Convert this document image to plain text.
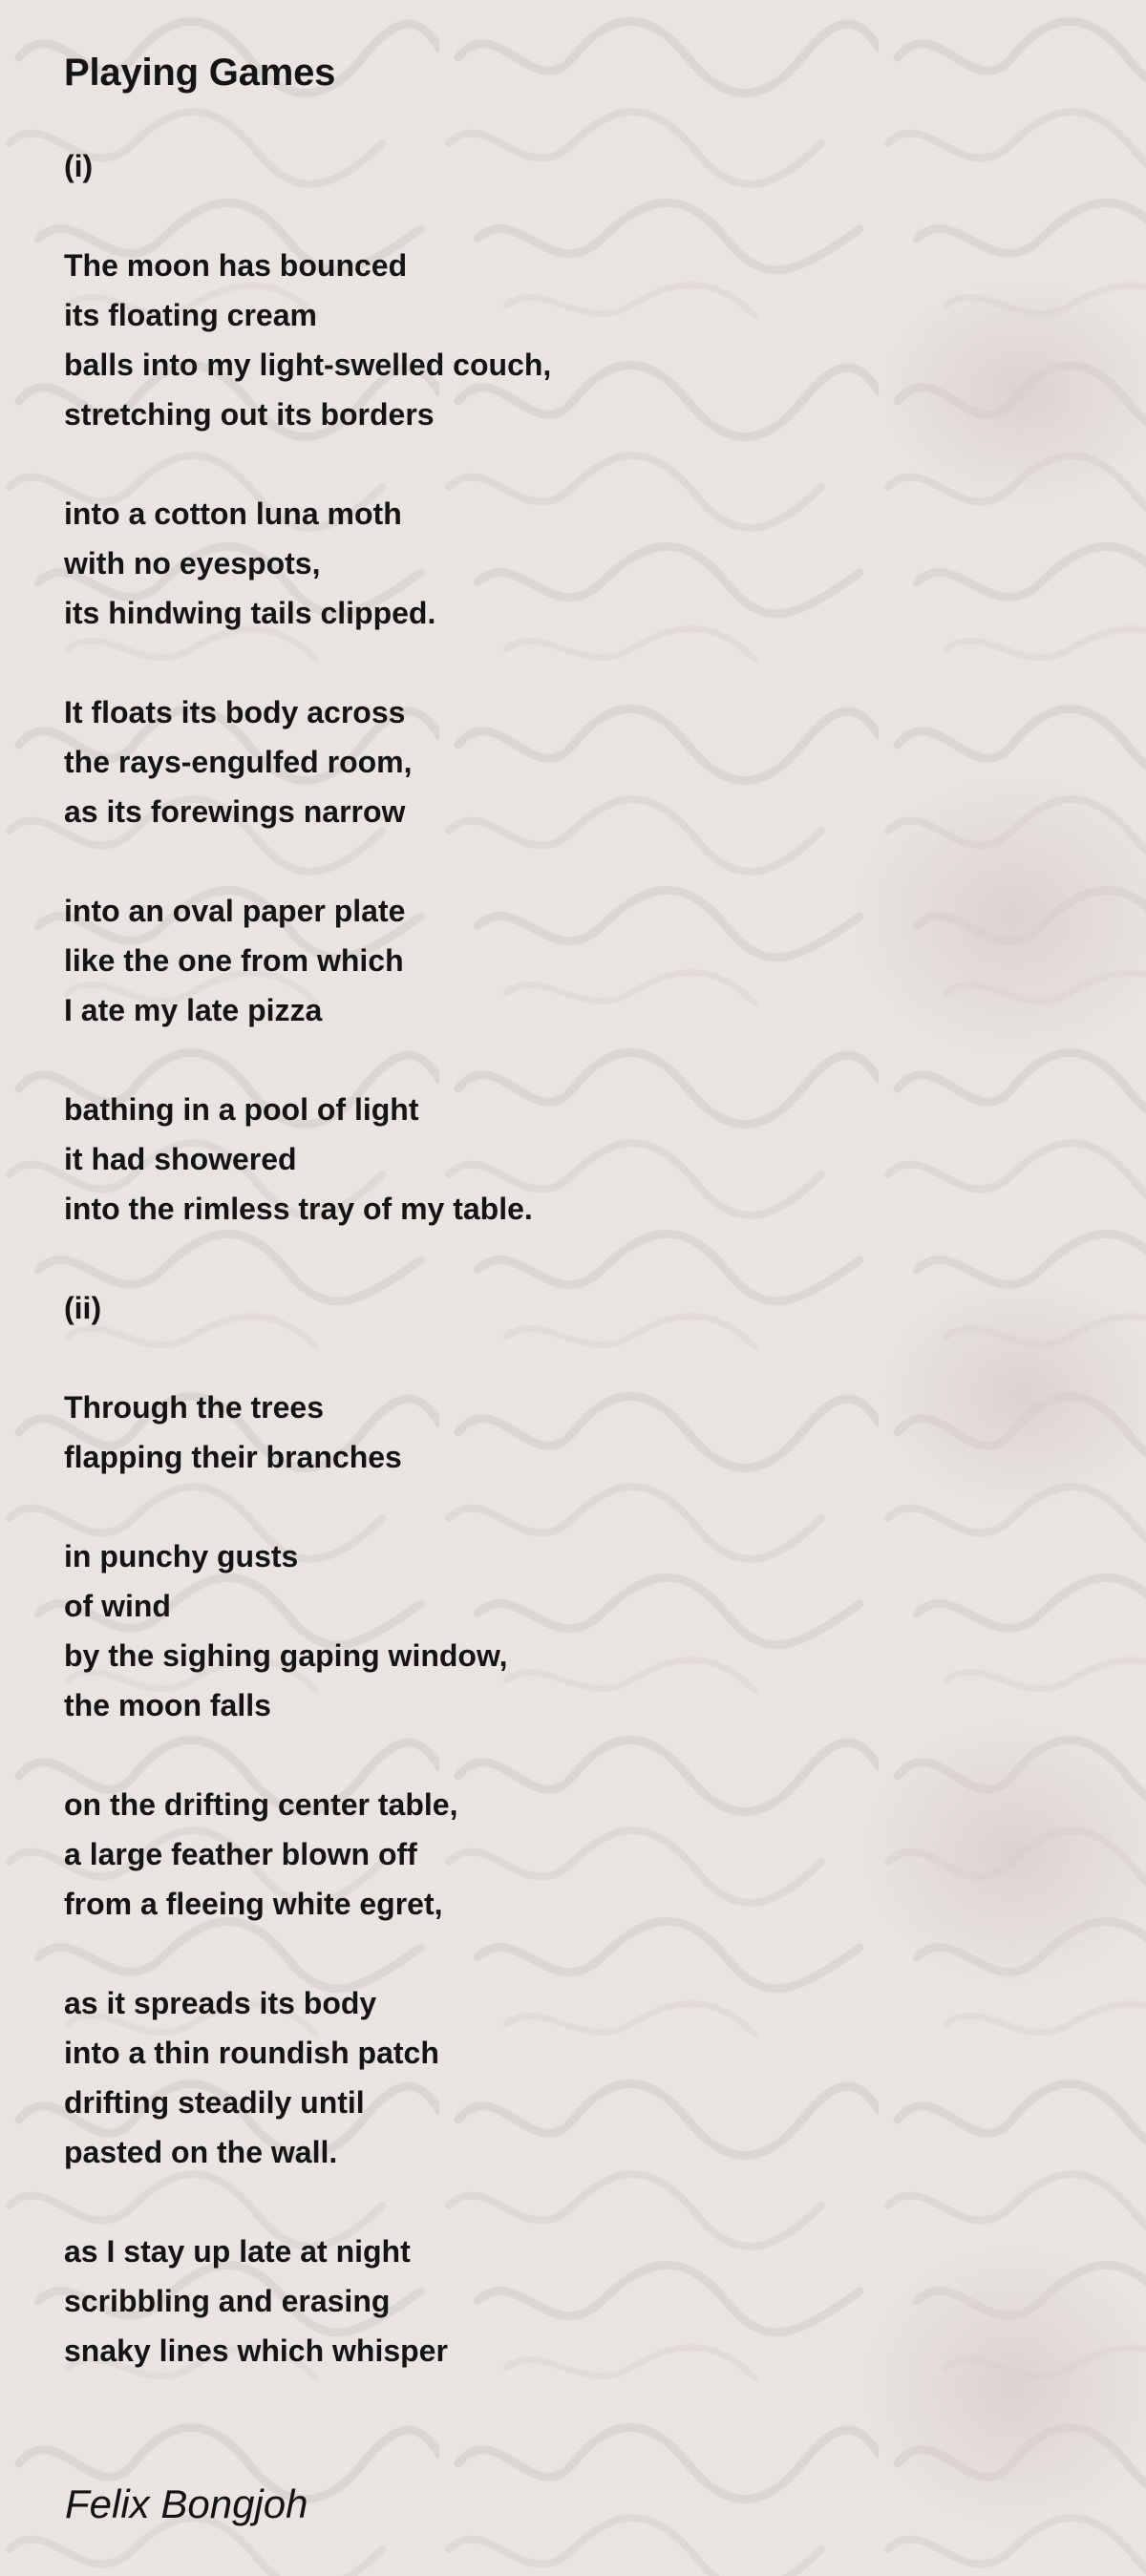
Playing Games
(i)
The moon has bounced
its floating cream
balls into my light-swelled couch,
stretching out its borders
into a cotton luna moth
with no eyespots,
its hindwing tails clipped.
It floats its body across
the rays-engulfed room,
as its forewings narrow
into an oval paper plate
like the one from which
I ate my late pizza
bathing in a pool of light
it had showered
into the rimless tray of my table.
(ii)
Through the trees
flapping their branches
in punchy gusts
of wind
by the sighing gaping window,
the moon falls
on the drifting center table,
a large feather blown off
from a fleeing white egret,
as it spreads its body
into a thin roundish patch
drifting steadily until
pasted on the wall.
as I stay up late at night
scribbling and erasing
snaky lines which whisper
Felix Bongjoh
